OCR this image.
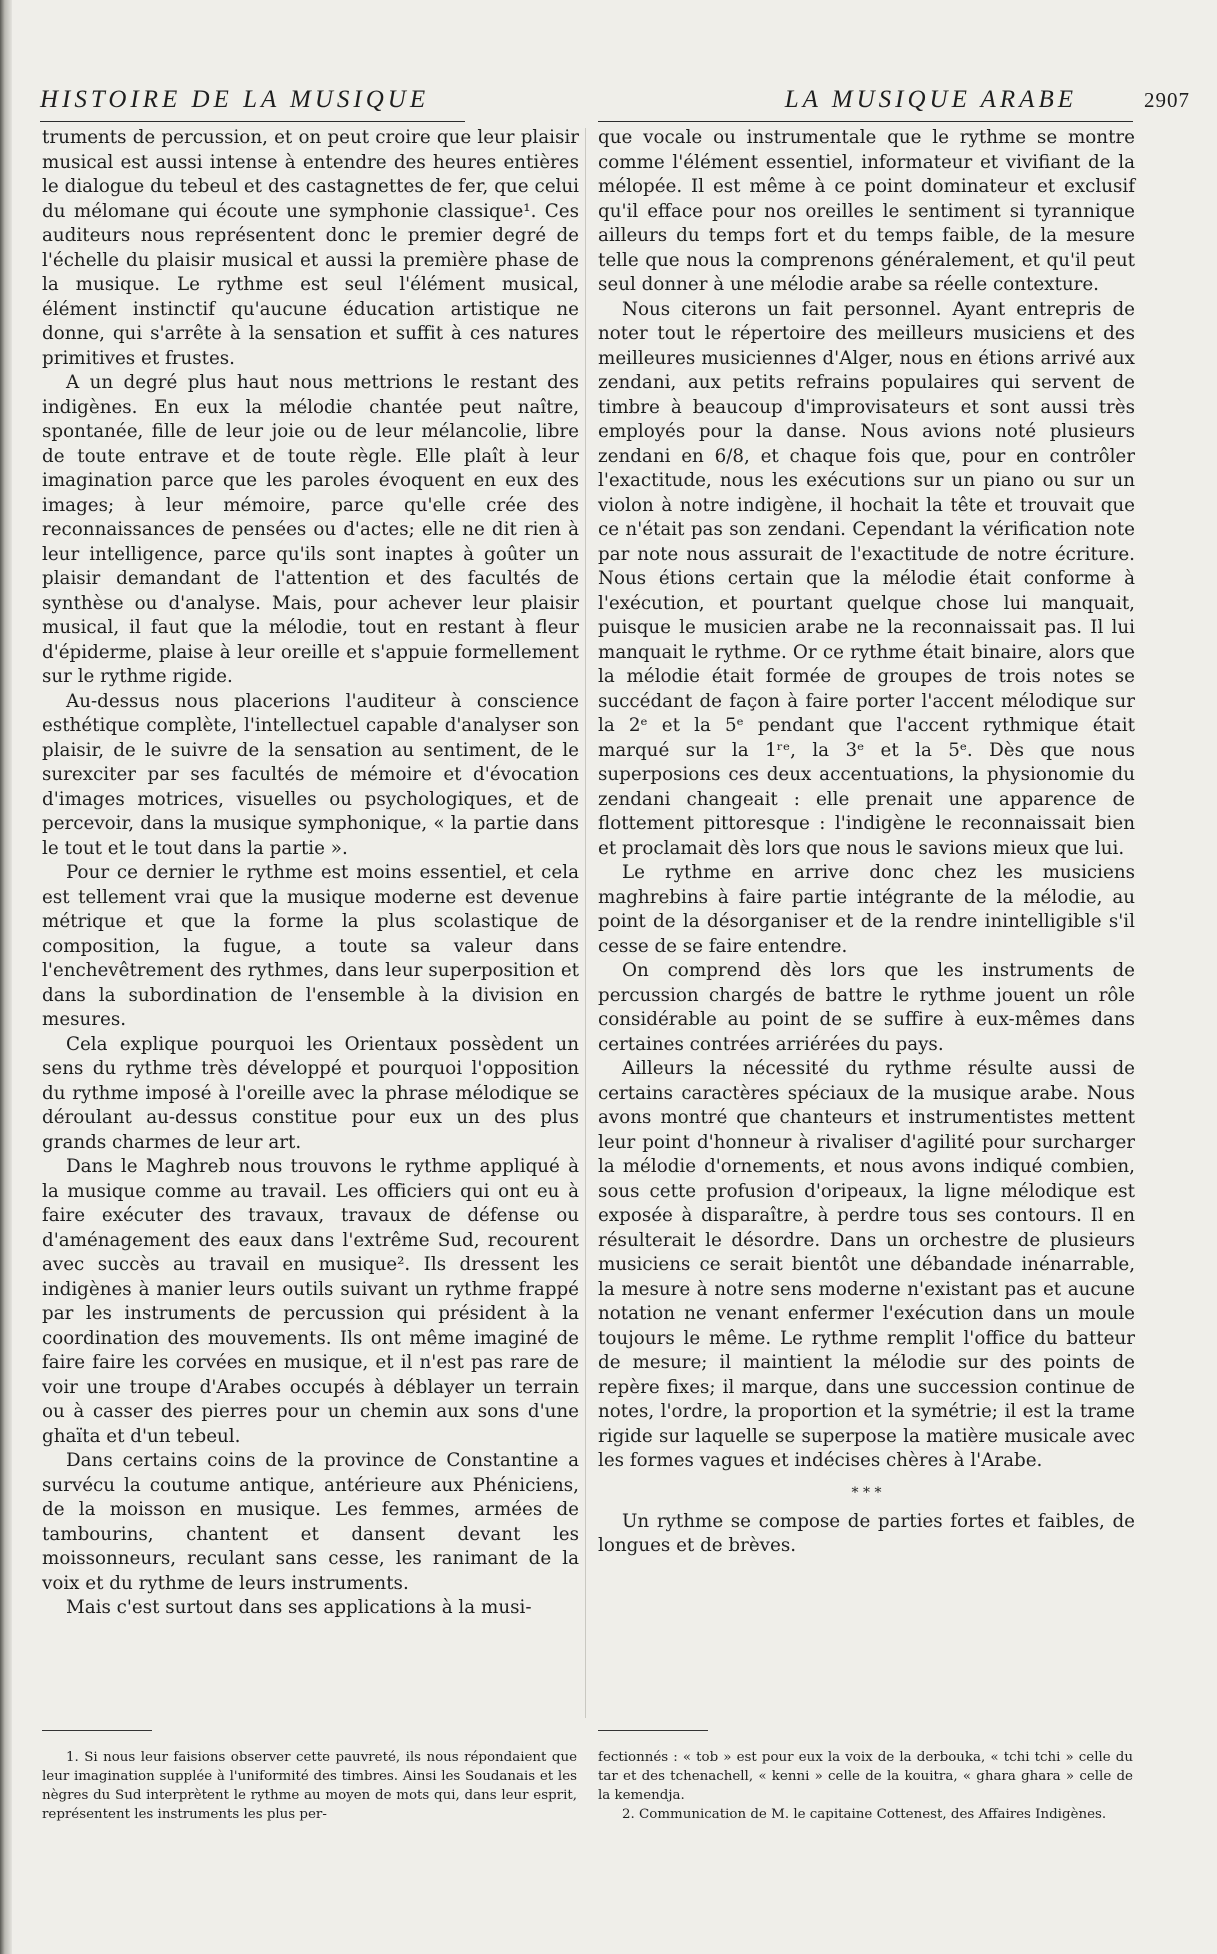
HISTOIRE DE LA MUSIQUE	LA MUSIQUE ARABE	2907

truments de percussion, et on peut croire que leur plaisir musical est aussi intense à entendre des heures entières le dialogue du tebeul et des castagnettes de fer, que celui du mélomane qui écoute une symphonie classique¹. Ces auditeurs nous représentent donc le premier degré de l'échelle du plaisir musical et aussi la première phase de la musique. Le rythme est seul l'élément musical, élément instinctif qu'aucune éducation artistique ne donne, qui s'arrête à la sensation et suffit à ces natures primitives et frustes.

A un degré plus haut nous mettrions le restant des indigènes. En eux la mélodie chantée peut naître, spontanée, fille de leur joie ou de leur mélancolie, libre de toute entrave et de toute règle. Elle plaît à leur imagination parce que les paroles évoquent en eux des images; à leur mémoire, parce qu'elle crée des reconnaissances de pensées ou d'actes; elle ne dit rien à leur intelligence, parce qu'ils sont inaptes à goûter un plaisir demandant de l'attention et des facultés de synthèse ou d'analyse. Mais, pour achever leur plaisir musical, il faut que la mélodie, tout en restant à fleur d'épiderme, plaise à leur oreille et s'appuie formellement sur le rythme rigide.

Au-dessus nous placerions l'auditeur à conscience esthétique complète, l'intellectuel capable d'analyser son plaisir, de le suivre de la sensation au sentiment, de le surexciter par ses facultés de mémoire et d'évocation d'images motrices, visuelles ou psychologiques, et de percevoir, dans la musique symphonique, « la partie dans le tout et le tout dans la partie ».

Pour ce dernier le rythme est moins essentiel, et cela est tellement vrai que la musique moderne est devenue métrique et que la forme la plus scolastique de composition, la fugue, a toute sa valeur dans l'enchevêtrement des rythmes, dans leur superposition et dans la subordination de l'ensemble à la division en mesures.

Cela explique pourquoi les Orientaux possèdent un sens du rythme très développé et pourquoi l'opposition du rythme imposé à l'oreille avec la phrase mélodique se déroulant au-dessus constitue pour eux un des plus grands charmes de leur art.

Dans le Maghreb nous trouvons le rythme appliqué à la musique comme au travail. Les officiers qui ont eu à faire exécuter des travaux, travaux de défense ou d'aménagement des eaux dans l'extrême Sud, recourent avec succès au travail en musique². Ils dressent les indigènes à manier leurs outils suivant un rythme frappé par les instruments de percussion qui président à la coordination des mouvements. Ils ont même imaginé de faire faire les corvées en musique, et il n'est pas rare de voir une troupe d'Arabes occupés à déblayer un terrain ou à casser des pierres pour un chemin aux sons d'une ghaïta et d'un tebeul.

Dans certains coins de la province de Constantine a survécu la coutume antique, antérieure aux Phéniciens, de la moisson en musique. Les femmes, armées de tambourins, chantent et dansent devant les moissonneurs, reculant sans cesse, les ranimant de la voix et du rythme de leurs instruments.

Mais c'est surtout dans ses applications à la musi-

que vocale ou instrumentale que le rythme se montre comme l'élément essentiel, informateur et vivifiant de la mélopée. Il est même à ce point dominateur et exclusif qu'il efface pour nos oreilles le sentiment si tyrannique ailleurs du temps fort et du temps faible, de la mesure telle que nous la comprenons généralement, et qu'il peut seul donner à une mélodie arabe sa réelle contexture.

Nous citerons un fait personnel. Ayant entrepris de noter tout le répertoire des meilleurs musiciens et des meilleures musiciennes d'Alger, nous en étions arrivé aux zendani, aux petits refrains populaires qui servent de timbre à beaucoup d'improvisateurs et sont aussi très employés pour la danse. Nous avions noté plusieurs zendani en 6/8, et chaque fois que, pour en contrôler l'exactitude, nous les exécutions sur un piano ou sur un violon à notre indigène, il hochait la tête et trouvait que ce n'était pas son zendani. Cependant la vérification note par note nous assurait de l'exactitude de notre écriture. Nous étions certain que la mélodie était conforme à l'exécution, et pourtant quelque chose lui manquait, puisque le musicien arabe ne la reconnaissait pas. Il lui manquait le rythme. Or ce rythme était binaire, alors que la mélodie était formée de groupes de trois notes se succédant de façon à faire porter l'accent mélodique sur la 2ᵉ et la 5ᵉ pendant que l'accent rythmique était marqué sur la 1ʳᵉ, la 3ᵉ et la 5ᵉ. Dès que nous superposions ces deux accentuations, la physionomie du zendani changeait : elle prenait une apparence de flottement pittoresque : l'indigène le reconnaissait bien et proclamait dès lors que nous le savions mieux que lui.

Le rythme en arrive donc chez les musiciens maghrebins à faire partie intégrante de la mélodie, au point de la désorganiser et de la rendre inintelligible s'il cesse de se faire entendre.

On comprend dès lors que les instruments de percussion chargés de battre le rythme jouent un rôle considérable au point de se suffire à eux-mêmes dans certaines contrées arriérées du pays.

Ailleurs la nécessité du rythme résulte aussi de certains caractères spéciaux de la musique arabe. Nous avons montré que chanteurs et instrumentistes mettent leur point d'honneur à rivaliser d'agilité pour surcharger la mélodie d'ornements, et nous avons indiqué combien, sous cette profusion d'oripeaux, la ligne mélodique est exposée à disparaître, à perdre tous ses contours. Il en résulterait le désordre. Dans un orchestre de plusieurs musiciens ce serait bientôt une débandade inénarrable, la mesure à notre sens moderne n'existant pas et aucune notation ne venant enfermer l'exécution dans un moule toujours le même. Le rythme remplit l'office du batteur de mesure; il maintient la mélodie sur des points de repère fixes; il marque, dans une succession continue de notes, l'ordre, la proportion et la symétrie; il est la trame rigide sur laquelle se superpose la matière musicale avec les formes vagues et indécises chères à l'Arabe.

* * *

Un rythme se compose de parties fortes et faibles, de longues et de brèves.

1. Si nous leur faisions observer cette pauvreté, ils nous répondaient que leur imagination supplée à l'uniformité des timbres. Ainsi les Soudanais et les nègres du Sud interprètent le rythme au moyen de mots qui, dans leur esprit, représentent les instruments les plus per-

fectionnés : « tob » est pour eux la voix de la derbouka, « tchi tchi » celle du tar et des tchenachell, « kenni » celle de la kouitra, « ghara ghara » celle de la kemendja.

2. Communication de M. le capitaine Cottenest, des Affaires Indigènes.
